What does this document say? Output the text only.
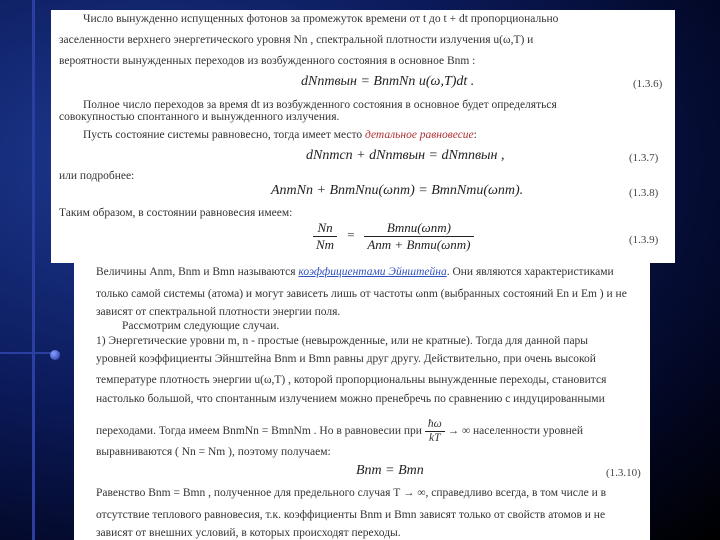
Число вынужденно испущенных фотонов за промежуток времени от t до t + dt пропорционально
заселенности верхнего энергетического уровня Nn , спектральной плотности излучения u(ω,T) и
вероятности вынужденных переходов из возбужденного состояния в основное Bnm :
dNnmвын = BnmNn u(ω,T)dt .	(1.3.6)
Полное число переходов за время dt из возбужденного состояния в основное будет определяться
совокупностью спонтанного и вынужденного излучения.
Пусть состояние системы равновесно, тогда имеет место детальное равновесие:
dNnmсп + dNnmвын = dNmnвын ,	(1.3.7)
или подробнее:
AnmNn + BnmNnu(ωnm) = BmnNmu(ωnm).	(1.3.8)
Таким образом, в состоянии равновесия имеем:
$\frac{Nn}{Nm} = \frac{\text{Bmnu(ωnm)}}{\text{Anm + Bnmu(ωnm)}}$	(1.3.9)
Величины Anm, Bnm и Bmn называются коэффициентами Эйнштейна. Они являются характеристиками
только самой системы (атома) и могут зависеть лишь от частоты ωnm (выбранных состояний En и Em ) и не
зависят от спектральной плотности энергии поля.
Рассмотрим следующие случаи.
1) Энергетические уровни m, n - простые (невырожденные, или не кратные). Тогда для данной пары
уровней коэффициенты Эйнштейна Bnm и Bmn равны друг другу. Действительно, при очень высокой
температуре плотность энергии u(ω,T) , которой пропорциональны вынужденные переходы, становится
настолько большой, что спонтанным излучением можно пренебречь по сравнению с индуцированными
переходами. Тогда имеем BnmNn = BmnNm . Но в равновесии при $\frac{ħ\omega}{kT}$ → ∞ населенности уровней
выравниваются ( Nn = Nm ), поэтому получаем:
Bnm = Bmn	(1.3.10)
Равенство Bnm = Bmn , полученное для предельного случая T → ∞, справедливо всегда, в том числе и в
отсутствие теплового равновесия, т.к. коэффициенты Bnm и Bmn зависят только от свойств атомов и не
зависят от внешних условий, в которых происходят переходы.
